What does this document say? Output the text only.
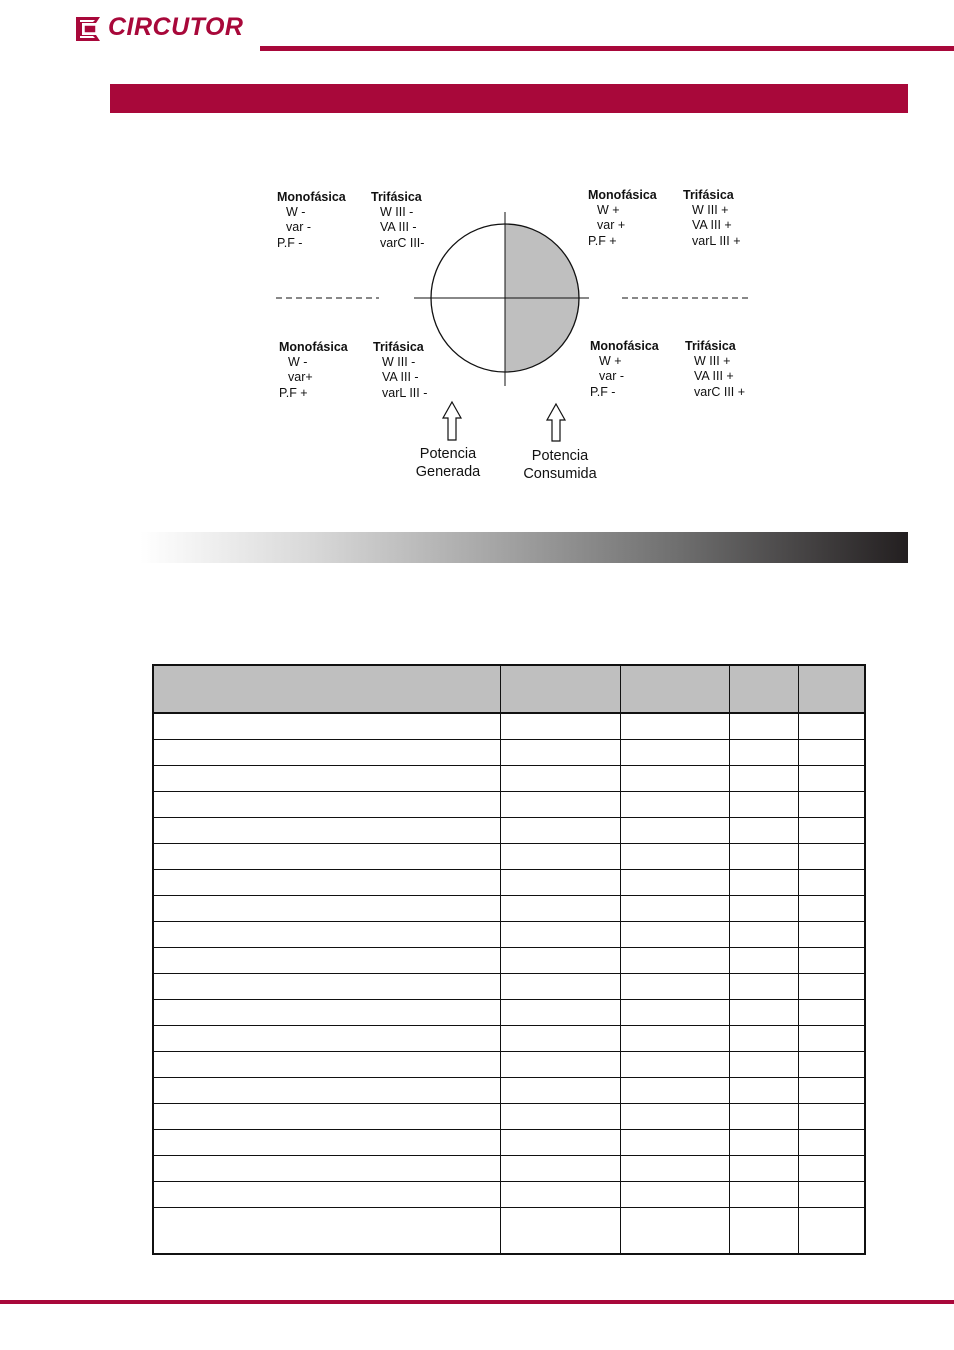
CIRCUTOR
Monofásica
W -
var -
P.F -
Trifásica
W III -
VA III -
varC III-
Monofásica
W +
var +
P.F +
Trifásica
W III +
VA III +
varL III +
Monofásica
W -
var+
P.F +
Trifásica
W III -
VA III -
varL III -
Monofásica
W +
var -
P.F -
Trifásica
W III +
VA III +
varC III +
Potencia
Generada
Potencia
Consumida
